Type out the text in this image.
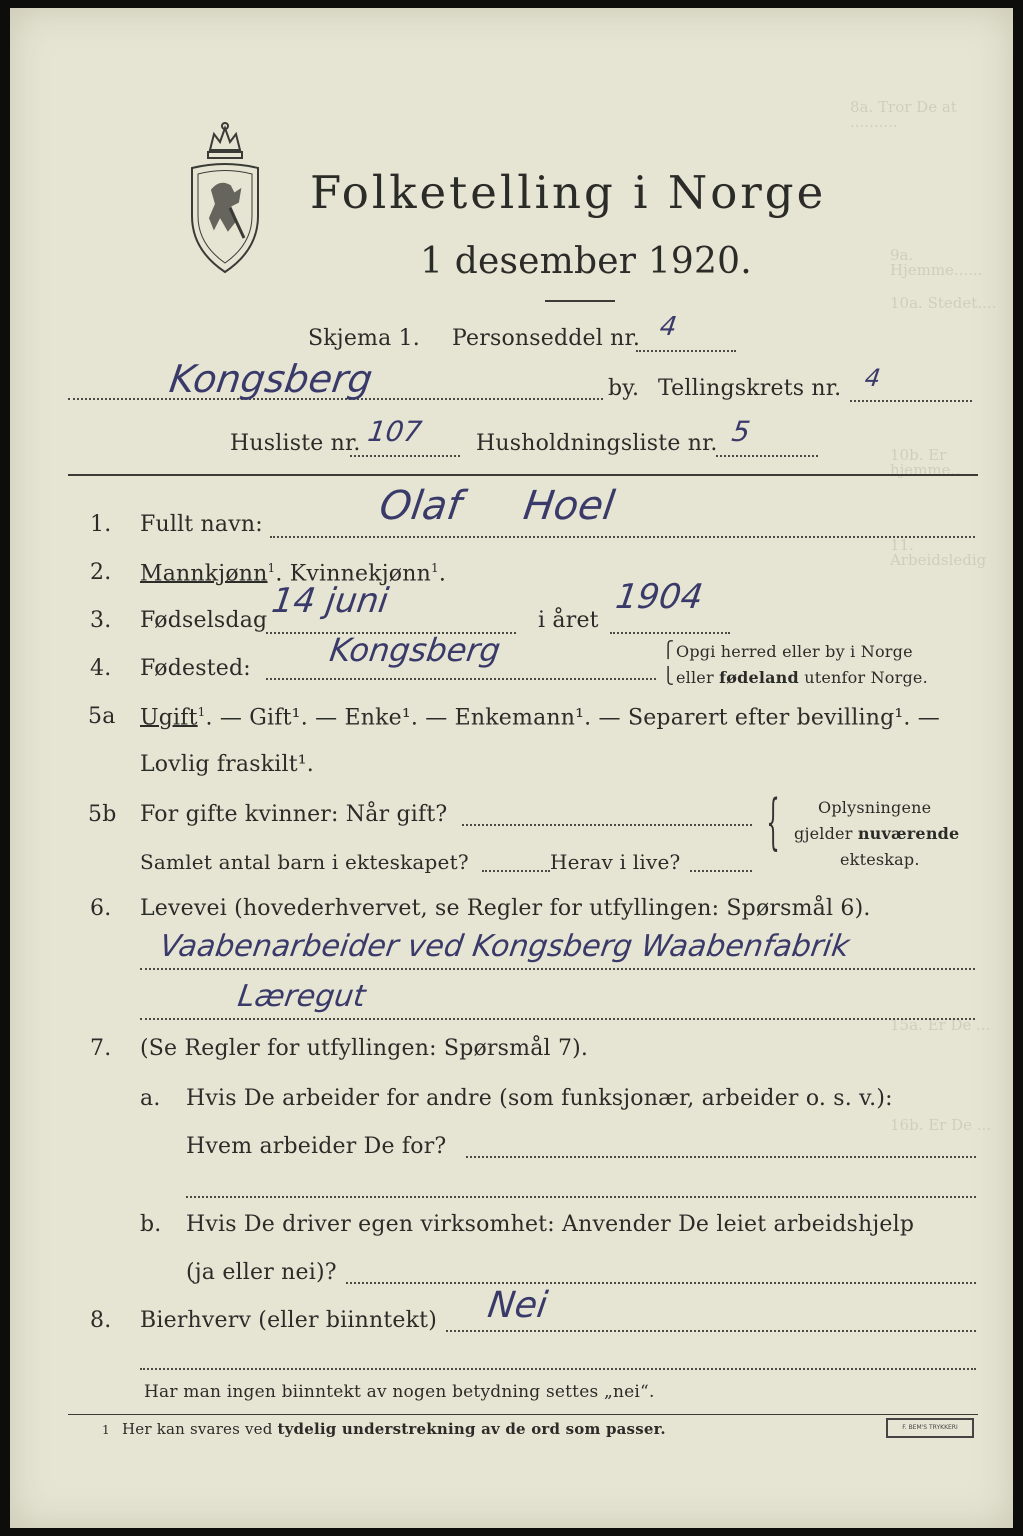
8a. Tror De at ..........
9a. Hjemme......
10a. Stedet....
10b. Er hjemme..
11. Arbeidsledig
15a. Er De ...
16b. Er De ...
Folketelling i Norge
1 desember 1920.
Skjema 1. Personseddel nr. 4
Kongsberg	by. Tellingskrets nr. 4
Husliste nr. 107 Husholdningsliste nr. 5
1. Fullt navn:	Olaf Hoel
2. Mannkjønn$^1$. Kvinnekjønn$^1$.
3. Fødselsdag 14 juni	i året
1904
4. Fødested: Kongsberg	⎧
⎩
Opgi herred eller by i Norge
eller fødeland utenfor Norge.
5a Ugift$^1$. — Gift¹. — Enke¹. — Enkemann¹. — Separert efter bevilling¹. —
Lovlig fraskilt¹.
5b For gifte kvinner: Når gift?
Samlet antal barn i ekteskapet?	Herav i live?
{ Oplysningene
gjelder nuværende
ekteskap.
6. Levevei (hovederhvervet, se Regler for utfyllingen: Spørsmål 6).
Vaabenarbeider ved Kongsberg Waabenfabrik
Læregut
7. (Se Regler for utfyllingen: Spørsmål 7).
a. Hvis De arbeider for andre (som funksjonær, arbeider o. s. v.):
Hvem arbeider De for?
b. Hvis De driver egen virksomhet: Anvender De leiet arbeidshjelp
(ja eller nei)?
8. Bierhverv (eller biinntekt) Nei
Har man ingen biinntekt av nogen betydning settes „nei“.
1 Her kan svares ved tydelig understrekning av de ord som passer.	F. BEM'S TRYKKERI
